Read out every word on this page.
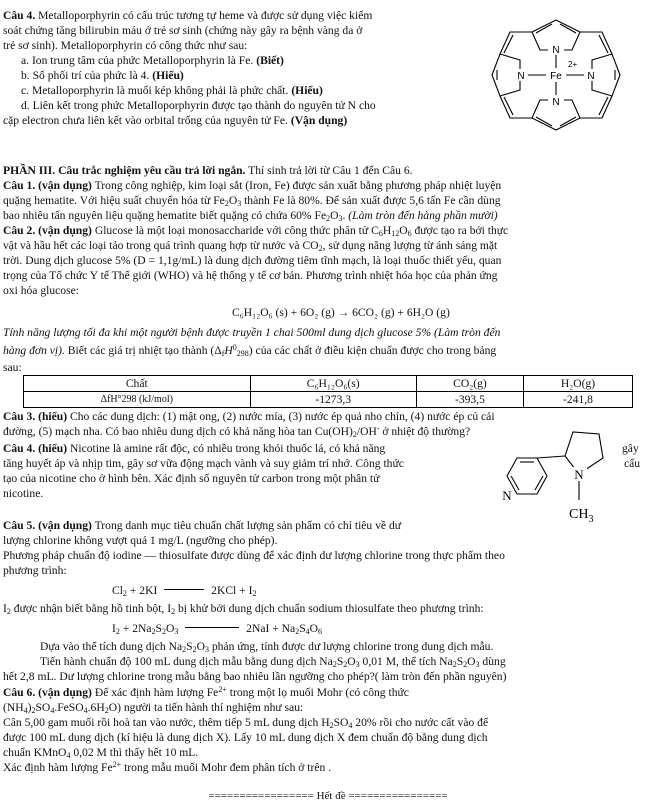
Câu 4. Metalloporphyrin có cấu trúc tương tự heme và được sử dụng việc kiểm
soát chứng tăng bilirubin máu ở trẻ sơ sinh (chứng này gây ra bệnh vàng da ở
trẻ sơ sinh). Metalloporphyrin có công thức như sau:
a. Ion trung tâm của phức Metalloporphyrin là Fe. (Biết)
b. Số phối trí của phức là 4. (Hiểu)
c. Metalloporphyrin là muối kép không phải là phức chất. (Hiểu)
d. Liên kết trong phức Metalloporphyrin được tạo thành do nguyên tử N cho
cặp electron chưa liên kết vào orbital trống của nguyên tử Fe. (Vận dụng)
N
N
N	N
Fe
2+
PHẦN III. Câu trắc nghiệm yêu cầu trả lời ngắn. Thí sinh trả lời từ Câu 1 đến Câu 6.
Câu 1. (vận dụng) Trong công nghiệp, kim loại sắt (Iron, Fe) được sản xuất bằng phương pháp nhiệt luyện
quặng hematite. Với hiệu suất chuyển hóa từ $Fe_2O_3$ thành Fe là 80%. Để sản xuất được 5,6 tấn Fe cần dùng
bao nhiêu tấn nguyên liệu quặng hematite biết quặng có chứa 60% $Fe_2O_3$. (Làm tròn đến hàng phần mười)
Câu 2. (vận dụng) Glucose là một loại monosaccharide với công thức phân tử $C_6H_{12}O_6$ được tạo ra bởi thực
vật và hầu hết các loại tảo trong quá trình quang hợp từ nước và $CO_2$, sử dụng năng lượng từ ánh sáng mặt
trời. Dung dịch glucose 5% (D = 1,1g/mL) là dung dịch đường tiêm tĩnh mạch, là loại thuốc thiết yếu, quan
trọng của Tổ chức Y tế Thế giới (WHO) và hệ thống y tế cơ bản. Phương trình nhiệt hóa học của phản ứng
oxi hóa glucose:
C₆H₁₂O₆ (s) + 6O₂ (g) → 6CO₂ (g) + 6H₂O (g)
Tính năng lượng tối đa khi một người bệnh được truyền 1 chai 500ml dung dịch glucose 5% (Làm tròn đến
hàng đơn vị). Biết các giá trị nhiệt tạo thành $(\Delta_fH^0_{298})$ của các chất ở điều kiện chuẩn được cho trong bảng
sau:
Chất	C₆H₁₂O₆(s)	CO₂(g)	H₂O(g)
ΔfH°298 (kJ/mol)	-1273,3	-393,5	-241,8
Câu 3. (hiểu) Cho các dung dịch: (1) mật ong, (2) nước mía, (3) nước ép quả nho chín, (4) nước ép củ cải
đường, (5) mạch nha. Có bao nhiêu dung dịch có khả năng hòa $\tan Cu(OH)_2/OH^-$ ở nhiệt độ thường?
Câu 4. (hiểu) Nicotine là amine rất độc, có nhiều trong khói thuốc lá, có khả năng	gây
tăng huyết áp và nhịp tim, gây sơ vữa động mạch vành và suy giảm trí nhớ. Công thức	cấu
tạo của nicotine cho ở hình bên. Xác định số nguyên tử carbon trong một phân tử
nicotine.
N
N
$CH_3$
Câu 5. (vận dụng) Trong danh mục tiêu chuẩn chất lượng sản phẩm có chỉ tiêu về dư
lượng chlorine không vượt quá 1 mg/L (ngưỡng cho phép).
Phương pháp chuẩn độ iodine — thiosulfate được dùng để xác định dư lượng chlorine trong thực phẩm theo
phương trình:
$Cl_2 + 2KI$	$2KCl + I_2$
$I_2$ được nhận biết bằng hồ tinh bột, $I_2$ bị khử bởi dung dịch chuẩn sodium thiosulfate theo phương trình:
$I_2 + 2Na_2S_2O_3$	$2NaI + Na_2S_4O_6$
Dựa vào thể tích dung dịch $Na_2S_2O_3$ phản ứng, tính được dư lượng chlorine trong dung dịch mẫu.
Tiến hành chuẩn độ 100 mL dung dịch mẫu bằng dung dịch $Na_2S_2O_3$ 0,01 M, thể tích $Na_2S_2O_3$ dùng
hết 2,8 mL. Dư lượng chlorine trong mẫu bằng bao nhiêu lần ngưỡng cho phép?( làm tròn đến phần nguyên)
Câu 6. (vận dụng) Để xác định hàm lượng $Fe^{2+}$ trong một lọ muối Mohr (có công thức
$(NH_4)_2SO_4.FeSO_4.6H_2O$) người ta tiến hành thí nghiệm như sau:
Cân 5,00 gam muối rồi hoà tan vào nước, thêm tiếp 5 mL dung dịch $H_2SO_4$ 20% rồi cho nước cất vào để
được 100 mL dung dịch (kí hiệu là dung dịch X). Lấy 10 mL dung dịch X đem chuẩn độ bằng dung dịch
chuẩn KMnO$_4$ 0,02 M thì thấy hết 10 mL.
Xác định hàm lượng $Fe^{2+}$ trong mẫu muối Mohr đem phân tích ở trên .
================= Hết đề ================
